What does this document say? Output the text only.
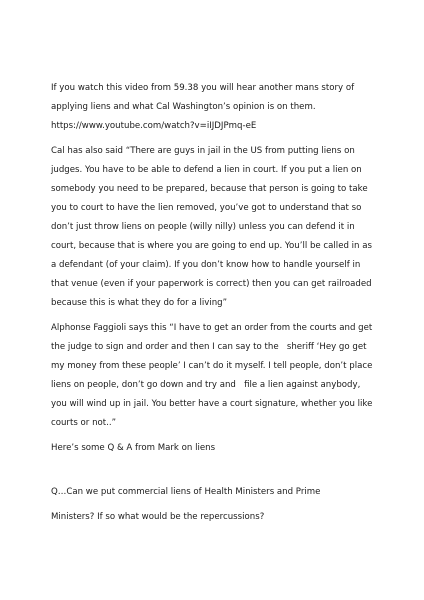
If you watch this video from 59.38 you will hear another mans story of
applying liens and what Cal Washington’s opinion is on them.
https://www.youtube.com/watch?v=iIJDJPmq-eE
Cal has also said “There are guys in jail in the US from putting liens on
judges. You have to be able to defend a lien in court. If you put a lien on
somebody you need to be prepared, because that person is going to take
you to court to have the lien removed, you’ve got to understand that so
don’t just throw liens on people (willy nilly) unless you can defend it in
court, because that is where you are going to end up. You’ll be called in as
a defendant (of your claim). If you don’t know how to handle yourself in
that venue (even if your paperwork is correct) then you can get railroaded
because this is what they do for a living”
Alphonse Faggioli says this “I have to get an order from the courts and get
the judge to sign and order and then I can say to the   sheriff ‘Hey go get
my money from these people’ I can’t do it myself. I tell people, don’t place
liens on people, don’t go down and try and   file a lien against anybody,
you will wind up in jail. You better have a court signature, whether you like
courts or not..”
Here’s some Q & A from Mark on liens
Q…Can we put commercial liens of Health Ministers and Prime
Ministers? If so what would be the repercussions?
